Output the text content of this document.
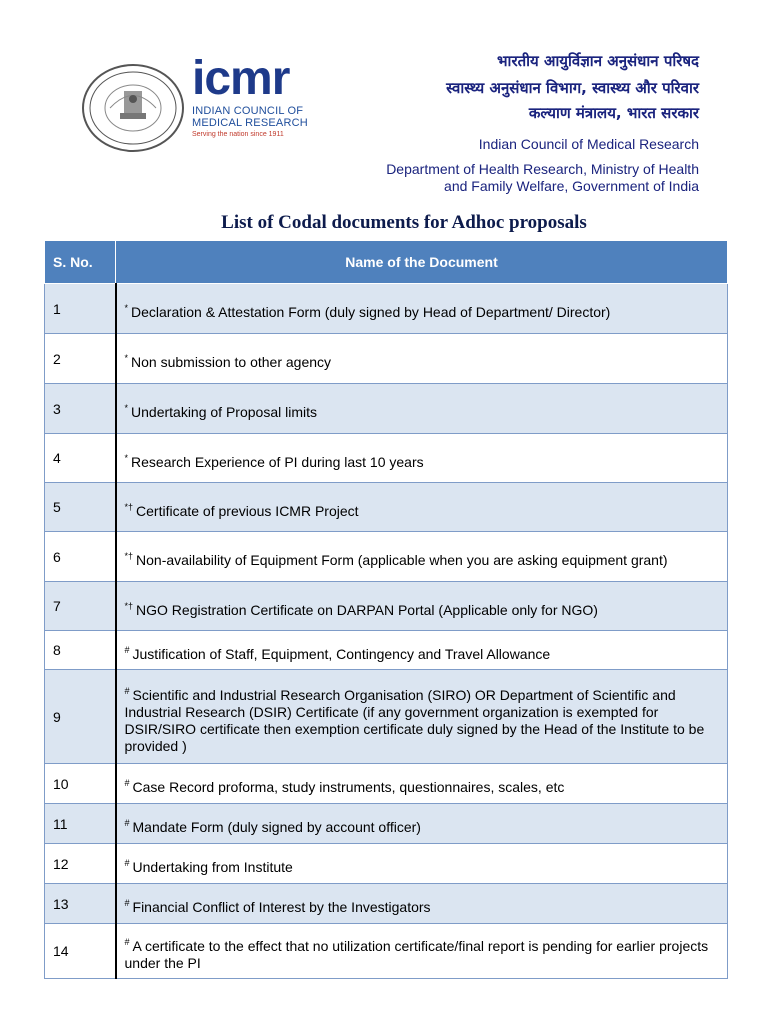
icmr
INDIAN COUNCIL OF
MEDICAL RESEARCH
Serving the nation since 1911
भारतीय आयुर्विज्ञान अनुसंधान परिषद
स्वास्थ्य अनुसंधान विभाग, स्वास्थ्य और परिवार
कल्याण मंत्रालय, भारत सरकार
Indian Council of Medical Research
Department of Health Research, Ministry of Health
and Family Welfare, Government of India
List of Codal documents for Adhoc proposals
S. No.	Name of the Document
1	* Declaration & Attestation Form (duly signed by Head of Department/ Director)

2	* Non submission to other agency

3	* Undertaking of Proposal limits

4	* Research Experience of PI during last 10 years

5	*† Certificate of previous ICMR Project

6	*† Non-availability of Equipment Form (applicable when you are asking equipment grant)

7	*† NGO Registration Certificate on DARPAN Portal (Applicable only for NGO)

8	# Justification of Staff, Equipment, Contingency and Travel Allowance

9	# Scientific and Industrial Research Organisation (SIRO) OR Department of Scientific and Industrial Research (DSIR) Certificate (if any government organization is exempted for DSIR/SIRO certificate then exemption certificate duly signed by the Head of the Institute to be provided )

10	# Case Record proforma, study instruments, questionnaires, scales, etc

11	# Mandate Form (duly signed by account officer)

12	# Undertaking from Institute

13	# Financial Conflict of Interest by the Investigators

14	# A certificate to the effect that no utilization certificate/final report is pending for earlier projects under the PI
